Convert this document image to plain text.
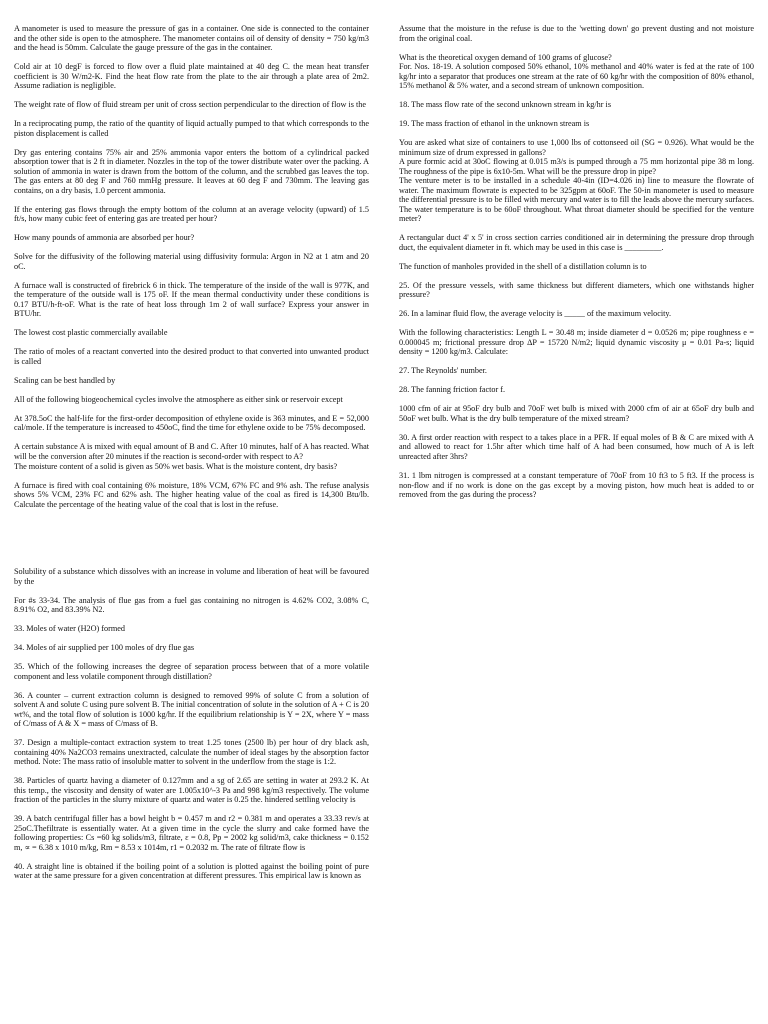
A manometer is used to measure the pressure of gas in a container. One side is connected to the container and the other side is open to the atmosphere. The manometer contains oil of density of density = 750 kg/m3 and the head is 50mm. Calculate the gauge pressure of the gas in the container.

Cold air at 10 degF is forced to flow over a fluid plate maintained at 40 deg C. the mean heat transfer coefficient is 30 W/m2-K. Find the heat flow rate from the plate to the air through a plate area of 2m2. Assume radiation is negligible.

The weight rate of flow of fluid stream per unit of cross section perpendicular to the direction of flow is the

In a reciprocating pump, the ratio of the quantity of liquid actually pumped to that which corresponds to the piston displacement is called

Dry gas entering contains 75% air and 25% ammonia vapor enters the bottom of a cylindrical packed absorption tower that is 2 ft in diameter. Nozzles in the top of the tower distribute water over the packing. A solution of ammonia in water is drawn from the bottom of the column, and the scrubbed gas leaves the top. The gas enters at 80 deg F and 760 mmHg pressure. It leaves at 60 deg F and 730mm. The leaving gas contains, on a dry basis, 1.0 percent ammonia.

If the entering gas flows through the empty bottom of the column at an average velocity (upward) of 1.5 ft/s, how many cubic feet of entering gas are treated per hour?

How many pounds of ammonia are absorbed per hour?

Solve for the diffusivity of the following material using diffusivity formula: Argon in N2 at 1 atm and 20 oC.

A furnace wall is constructed of firebrick 6 in thick. The temperature of the inside of the wall is 977K, and the temperature of the outside wall is 175 oF. If the mean thermal conductivity under these conditions is 0.17 BTU/h-ft-oF. What is the rate of heat loss through 1m 2 of wall surface? Express your answer in BTU/hr.

The lowest cost plastic commercially available

The ratio of moles of a reactant converted into the desired product to that converted into unwanted product is called

Scaling can be best handled by

All of the following biogeochemical cycles involve the atmosphere as either sink or reservoir except

At 378.5oC the half-life for the first-order decomposition of ethylene oxide is 363 minutes, and E = 52,000 cal/mole. If the temperature is increased to 450oC, find the time for ethylene oxide to be 75% decomposed.

A certain substance A is mixed with equal amount of B and C. After 10 minutes, half of A has reacted. What will be the conversion after 20 minutes if the reaction is second-order with respect to A?
The moisture content of a solid is given as 50% wet basis. What is the moisture content, dry basis?

A furnace is fired with coal containing 6% moisture, 18% VCM, 67% FC and 9% ash. The refuse analysis shows 5% VCM, 23% FC and 62% ash. The higher heating value of the coal as fired is 14,300 Btu/lb. Calculate the percentage of the heating value of the coal that is lost in the refuse.

Solubility of a substance which dissolves with an increase in volume and liberation of heat will be favoured by the

For #s 33-34. The analysis of flue gas from a fuel gas containing no nitrogen is 4.62% CO2, 3.08% C, 8.91% O2, and 83.39% N2.

33. Moles of water (H2O) formed

34. Moles of air supplied per 100 moles of dry flue gas

35. Which of the following increases the degree of separation process between that of a more volatile component and less volatile component through distillation?

36. A counter – current extraction column is designed to removed 99% of solute C from a solution of solvent A and solute C using pure solvent B. The initial concentration of solute in the solution of A + C is 20 wt%, and the total flow of solution is 1000 kg/hr. If the equilibrium relationship is Y = 2X, where Y = mass of C/mass of A & X = mass of C/mass of B.

37. Design a multiple-contact extraction system to treat 1.25 tones (2500 lb) per hour of dry black ash, containing 40% Na2CO3 remains unextracted, calculate the number of ideal stages by the absorption factor method. Note: The mass ratio of insoluble matter to solvent in the underflow from the stage is 1:2.

38. Particles of quartz having a diameter of 0.127mm and a sg of 2.65 are setting in water at 293.2 K. At this temp., the viscosity and density of water are 1.005x10^-3 Pa and 998 kg/m3 respectively. The volume fraction of the particles in the slurry mixture of quartz and water is 0.25 the. hindered settling velocity is

39. A batch centrifugal filler has a bowl height b = 0.457 m and r2 = 0.381 m and operates a 33.33 rev/s at 25oC.Thefiltrate is essentially water. At a given time in the cycle the slurry and cake formed have the following properties: Cs =60 kg solids/m3, filtrate, ε = 0.8, Pp = 2002 kg solid/m3, cake thickness = 0.152 m, ∝ = 6.38 x 1010 m/kg, Rm = 8.53 x 1014m, r1 = 0.2032 m. The rate of filtrate flow is

40. A straight line is obtained if the boiling point of a solution is plotted against the boiling point of pure water at the same pressure for a given concentration at different pressures. This empirical law is known as

Assume that the moisture in the refuse is due to the 'wetting down' go prevent dusting and not moisture from the original coal.

What is the theoretical oxygen demand of 100 grams of glucose?
For. Nos. 18-19. A solution composed 50% ethanol, 10% methanol and 40% water is fed at the rate of 100 kg/hr into a separator that produces one stream at the rate of 60 kg/hr with the composition of 80% ethanol, 15% methanol & 5% water, and a second stream of unknown composition.

18. The mass flow rate of the second unknown stream in kg/hr is

19. The mass fraction of ethanol in the unknown stream is

You are asked what size of containers to use 1,000 lbs of cottonseed oil (SG = 0.926). What would be the minimum size of drum expressed in gallons?
A pure formic acid at 30oC flowing at 0.015 m3/s is pumped through a 75 mm horizontal pipe 38 m long. The roughness of the pipe is 6x10-5m. What will be the pressure drop in pipe?
The venture meter is to be installed in a schedule 40-4in (ID=4.026 in) line to measure the flowrate of water. The maximum flowrate is expected to be 325gpm at 60oF. The 50-in manometer is used to measure the differential pressure is to be filled with mercury and water is to fill the leads above the mercury surfaces. The water temperature is to be 60oF throughout. What throat diameter should be specified for the venture meter?

A rectangular duct 4' x 5' in cross section carries conditioned air in determining the pressure drop through duct, the equivalent diameter in ft. which may be used in this case is _________.

The function of manholes provided in the shell of a distillation column is to

25. Of the pressure vessels, with same thickness but different diameters, which one withstands higher pressure?

26. In a laminar fluid flow, the average velocity is _____ of the maximum velocity.

With the following characteristics: Length L = 30.48 m; inside diameter d = 0.0526 m; pipe roughness e = 0.000045 m; frictional pressure drop ΔP = 15720 N/m2; liquid dynamic viscosity μ = 0.01 Pa-s; liquid density = 1200 kg/m3. Calculate:

27. The Reynolds' number.

28. The fanning friction factor f.

1000 cfm of air at 95oF dry bulb and 70oF wet bulb is mixed with 2000 cfm of air at 65oF dry bulb and 50oF wet bulb. What is the dry bulb temperature of the mixed stream?

30. A first order reaction with respect to a takes place in a PFR. If equal moles of B & C are mixed with A and allowed to react for 1.5hr after which time half of A had been consumed, how much of A is left unreacted after 3hrs?

31. 1 lbm nitrogen is compressed at a constant temperature of 70oF from 10 ft3 to 5 ft3. If the process is non-flow and if no work is done on the gas except by a moving piston, how much heat is added to or removed from the gas during the process?
